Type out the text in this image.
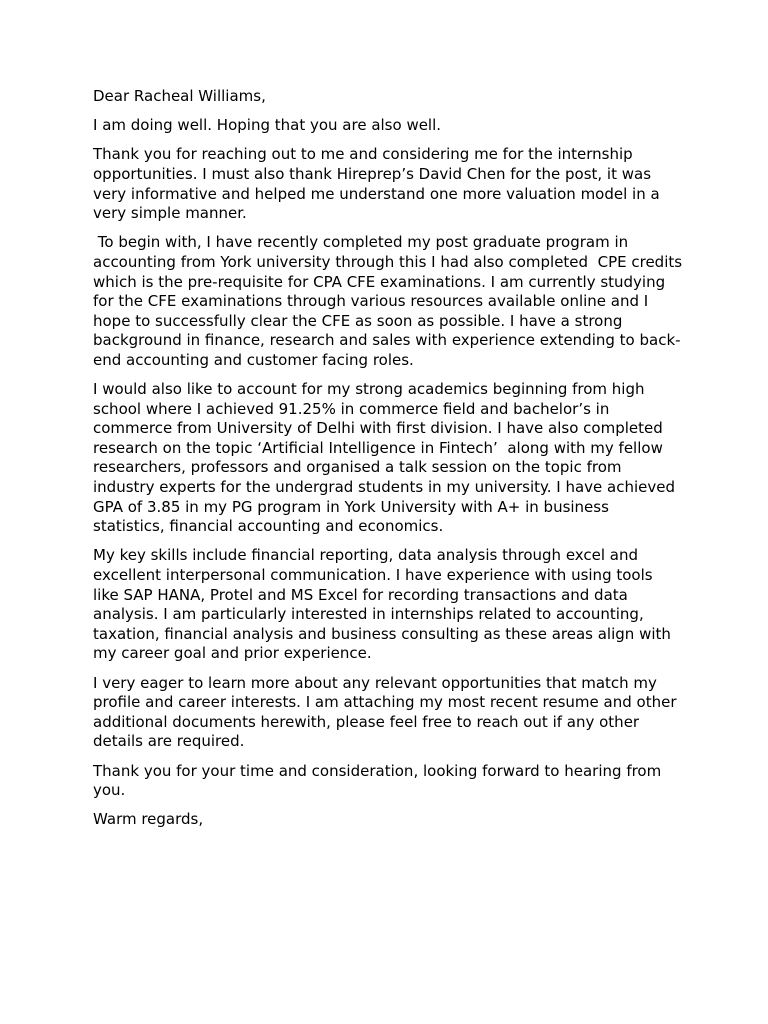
Dear Racheal Williams,

I am doing well. Hoping that you are also well.

Thank you for reaching out to me and considering me for the internship opportunities. I must also thank Hireprep’s David Chen for the post, it was very informative and helped me understand one more valuation model in a very simple manner.

To begin with, I have recently completed my post graduate program in accounting from York university through this I had also completed  CPE credits which is the pre-requisite for CPA CFE examinations. I am currently studying for the CFE examinations through various resources available online and I hope to successfully clear the CFE as soon as possible. I have a strong background in finance, research and sales with experience extending to back-end accounting and customer facing roles.

I would also like to account for my strong academics beginning from high school where I achieved 91.25% in commerce field and bachelor’s in commerce from University of Delhi with first division. I have also completed research on the topic ‘Artificial Intelligence in Fintech’  along with my fellow researchers, professors and organised a talk session on the topic from industry experts for the undergrad students in my university. I have achieved GPA of 3.85 in my PG program in York University with A+ in business statistics, financial accounting and economics.

My key skills include financial reporting, data analysis through excel and excellent interpersonal communication. I have experience with using tools like SAP HANA, Protel and MS Excel for recording transactions and data analysis. I am particularly interested in internships related to accounting, taxation, financial analysis and business consulting as these areas align with my career goal and prior experience.

I very eager to learn more about any relevant opportunities that match my profile and career interests. I am attaching my most recent resume and other additional documents herewith, please feel free to reach out if any other details are required.

Thank you for your time and consideration, looking forward to hearing from you.

Warm regards,
